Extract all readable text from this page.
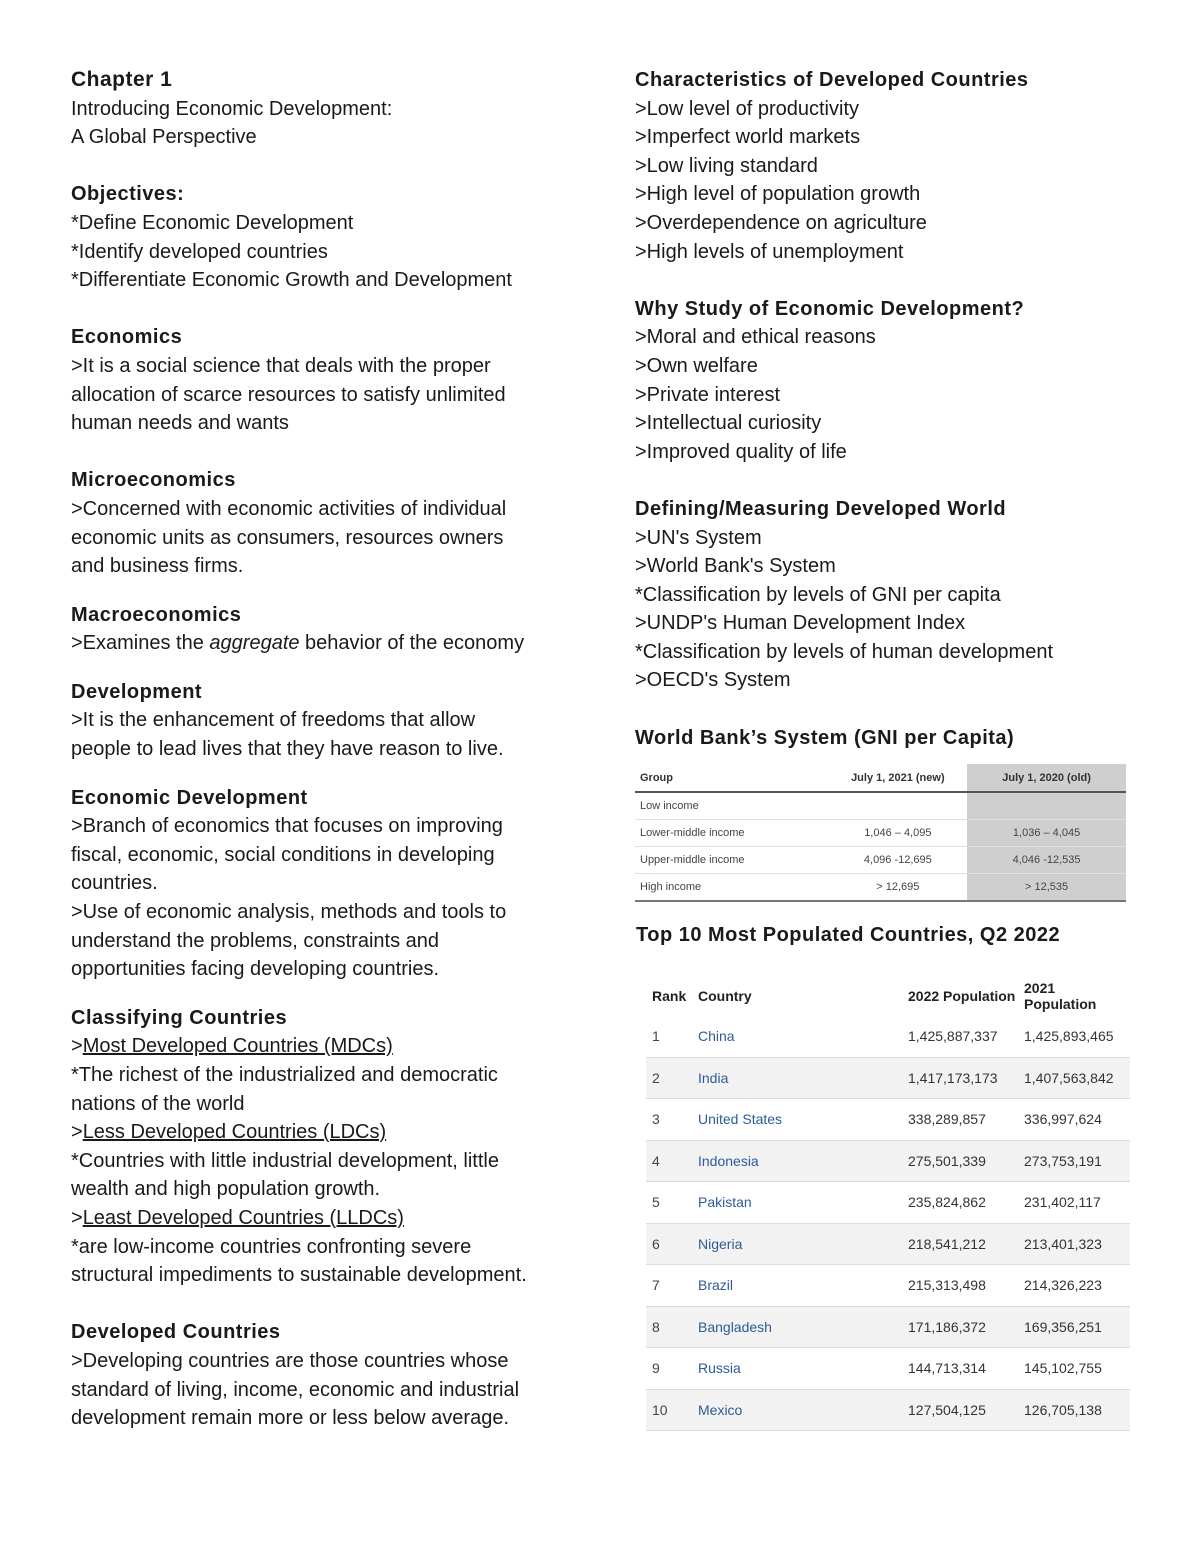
Chapter 1
Introducing Economic Development:
A Global Perspective
Objectives:
*Define Economic Development
*Identify developed countries
*Differentiate Economic Growth and Development
Economics
>It is a social science that deals with the proper
allocation of scarce resources to satisfy unlimited
human needs and wants
Microeconomics
>Concerned with economic activities of individual
economic units as consumers, resources owners
and business firms.
Macroeconomics
>Examines the aggregate behavior of the economy
Development
>It is the enhancement of freedoms that allow
people to lead lives that they have reason to live.
Economic Development
>Branch of economics that focuses on improving
fiscal, economic, social conditions in developing
countries.
>Use of economic analysis, methods and tools to
understand the problems, constraints and
opportunities facing developing countries.
Classifying Countries
>Most Developed Countries (MDCs)
*The richest of the industrialized and democratic
nations of the world
>Less Developed Countries (LDCs)
*Countries with little industrial development, little
wealth and high population growth.
>Least Developed Countries (LLDCs)
*are low-income countries confronting severe
structural impediments to sustainable development.
Developed Countries
>Developing countries are those countries whose
standard of living, income, economic and industrial
development remain more or less below average.
Characteristics of Developed Countries
>Low level of productivity
>Imperfect world markets
>Low living standard
>High level of population growth
>Overdependence on agriculture
>High levels of unemployment
Why Study of Economic Development?
>Moral and ethical reasons
>Own welfare
>Private interest
>Intellectual curiosity
>Improved quality of life
Defining/Measuring Developed World
>UN's System
>World Bank's System
*Classification by levels of GNI per capita
>UNDP's Human Development Index
*Classification by levels of human development
>OECD's System
World Bank’s System (GNI per Capita)
Group	July 1, 2021 (new)	July 1, 2020 (old)
Low income		
Lower-middle income	1,046 – 4,095	1,036 – 4,045
Upper-middle income	4,096 -12,695	4,046 -12,535
High income	> 12,695	> 12,535
Top 10 Most Populated Countries, Q2 2022
Rank	Country	2022 Population	2021 Population
1	China	1,425,887,337	1,425,893,465
2	India	1,417,173,173	1,407,563,842
3	United States	338,289,857	336,997,624
4	Indonesia	275,501,339	273,753,191
5	Pakistan	235,824,862	231,402,117
6	Nigeria	218,541,212	213,401,323
7	Brazil	215,313,498	214,326,223
8	Bangladesh	171,186,372	169,356,251
9	Russia	144,713,314	145,102,755
10	Mexico	127,504,125	126,705,138
